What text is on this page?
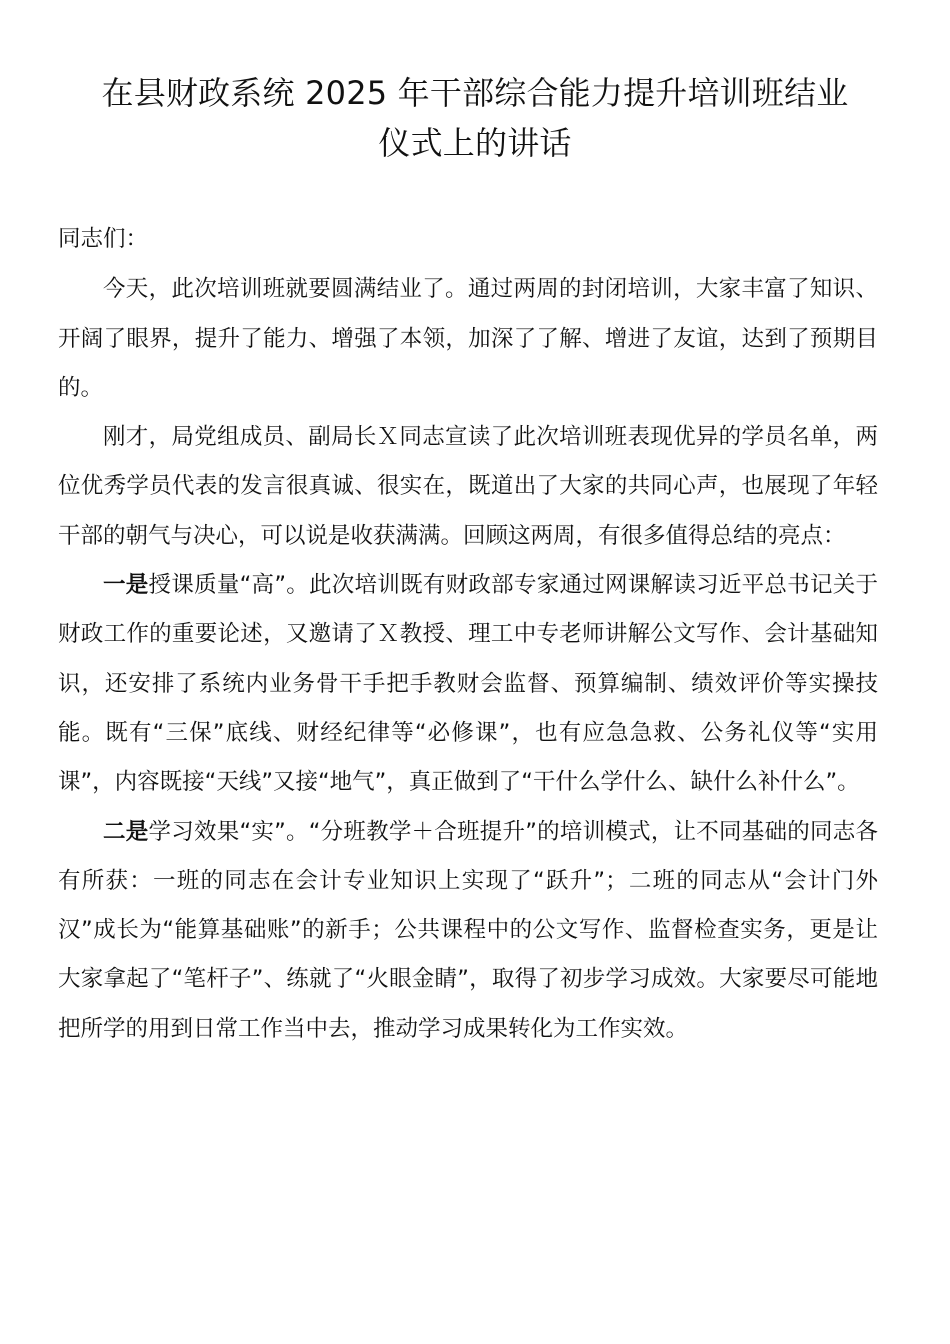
在县财政系统 2025 年干部综合能力提升培训班结业
仪式上的讲话

同志们：

今天，此次培训班就要圆满结业了。通过两周的封闭培训，大家丰富了知识、开阔了眼界，提升了能力、增强了本领，加深了了解、增进了友谊，达到了预期目的。

刚才，局党组成员、副局长Ｘ同志宣读了此次培训班表现优异的学员名单，两位优秀学员代表的发言很真诚、很实在，既道出了大家的共同心声，也展现了年轻干部的朝气与决心，可以说是收获满满。回顾这两周，有很多值得总结的亮点：

一是授课质量“高”。此次培训既有财政部专家通过网课解读习近平总书记关于财政工作的重要论述，又邀请了Ｘ教授、理工中专老师讲解公文写作、会计基础知识，还安排了系统内业务骨干手把手教财会监督、预算编制、绩效评价等实操技能。既有“三保”底线、财经纪律等“必修课”，也有应急急救、公务礼仪等“实用课”，内容既接“天线”又接“地气”，真正做到了“干什么学什么、缺什么补什么”。

二是学习效果“实”。“分班教学＋合班提升”的培训模式，让不同基础的同志各有所获：一班的同志在会计专业知识上实现了“跃升”；二班的同志从“会计门外汉”成长为“能算基础账”的新手；公共课程中的公文写作、监督检查实务，更是让大家拿起了“笔杆子”、练就了“火眼金睛”，取得了初步学习成效。大家要尽可能地把所学的用到日常工作当中去，推动学习成果转化为工作实效。
